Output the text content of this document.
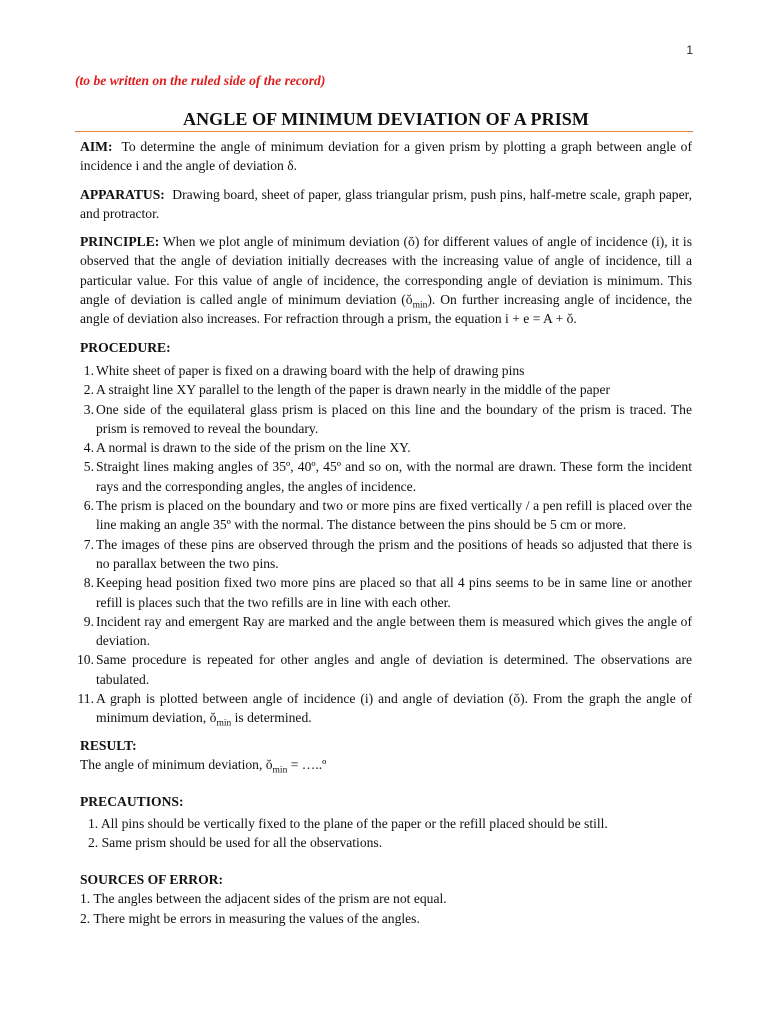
1
(to be written on the ruled side of the record)
ANGLE OF MINIMUM DEVIATION OF A PRISM

AIM: To determine the angle of minimum deviation for a given prism by plotting a graph between angle of incidence i and the angle of deviation δ.

APPARATUS: Drawing board, sheet of paper, glass triangular prism, push pins, half-metre scale, graph paper, and protractor.

PRINCIPLE: When we plot angle of minimum deviation (ŏ) for different values of angle of incidence (i), it is observed that the angle of deviation initially decreases with the increasing value of angle of incidence, till a particular value. For this value of angle of incidence, the corresponding angle of deviation is minimum. This angle of deviation is called angle of minimum deviation $(ŏ_{min})$. On further increasing angle of incidence, the angle of deviation also increases. For refraction through a prism, the equation i + e = A + ŏ.

PROCEDURE:

1. White sheet of paper is fixed on a drawing board with the help of drawing pins
2. A straight line XY parallel to the length of the paper is drawn nearly in the middle of the paper
3. One side of the equilateral glass prism is placed on this line and the boundary of the prism is traced. The prism is removed to reveal the boundary.
4. A normal is drawn to the side of the prism on the line XY.
5. Straight lines making angles of 35º, 40º, 45º and so on, with the normal are drawn. These form the incident rays and the corresponding angles, the angles of incidence.
6. The prism is placed on the boundary and two or more pins are fixed vertically / a pen refill is placed over the line making an angle 35º with the normal. The distance between the pins should be 5 cm or more.
7. The images of these pins are observed through the prism and the positions of heads so adjusted that there is no parallax between the two pins.
8. Keeping head position fixed two more pins are placed so that all 4 pins seems to be in same line or another refill is places such that the two refills are in line with each other.
9. Incident ray and emergent Ray are marked and the angle between them is measured which gives the angle of deviation.
10. Same procedure is repeated for other angles and angle of deviation is determined. The observations are tabulated.
11. A graph is plotted between angle of incidence (i) and angle of deviation (ŏ). From the graph the angle of minimum deviation, $ŏ_{min}$ is determined.

RESULT:

The angle of minimum deviation, $ŏ_{min}$ = …..º

PRECAUTIONS:

1. All pins should be vertically fixed to the plane of the paper or the refill placed should be still.
2. Same prism should be used for all the observations.

SOURCES OF ERROR:

1. The angles between the adjacent sides of the prism are not equal.
2. There might be errors in measuring the values of the angles.
